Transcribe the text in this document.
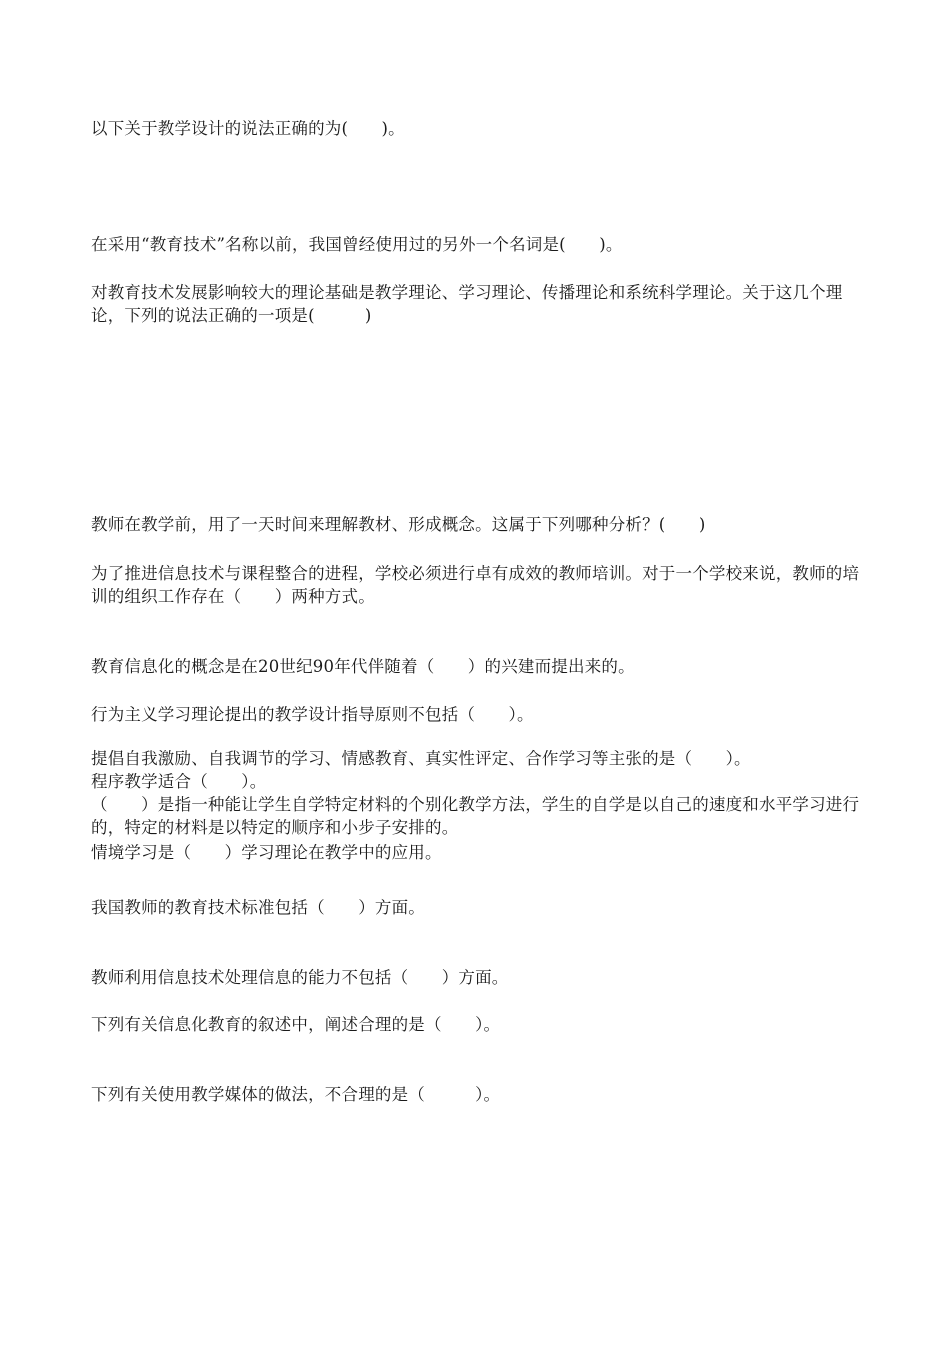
以下关于教学设计的说法正确的为(　　)。

在采用“教育技术”名称以前，我国曾经使用过的另外一个名词是(　　)。

对教育技术发展影响较大的理论基础是教学理论、学习理论、传播理论和系统科学理论。关于这几个理论，下列的说法正确的一项是(　　　)

教师在教学前，用了一天时间来理解教材、形成概念。这属于下列哪种分析？(　　)

为了推进信息技术与课程整合的进程，学校必须进行卓有成效的教师培训。对于一个学校来说，教师的培训的组织工作存在（　　）两种方式。

教育信息化的概念是在20世纪90年代伴随着（　　）的兴建而提出来的。

行为主义学习理论提出的教学设计指导原则不包括（　　）。

提倡自我激励、自我调节的学习、情感教育、真实性评定、合作学习等主张的是（　　）。

程序教学适合（　　）。

（　　）是指一种能让学生自学特定材料的个别化教学方法，学生的自学是以自己的速度和水平学习进行的，特定的材料是以特定的顺序和小步子安排的。

情境学习是（　　）学习理论在教学中的应用。

我国教师的教育技术标准包括（　　）方面。

教师利用信息技术处理信息的能力不包括（　　）方面。

下列有关信息化教育的叙述中，阐述合理的是（　　）。

下列有关使用教学媒体的做法，不合理的是（　　　）。
